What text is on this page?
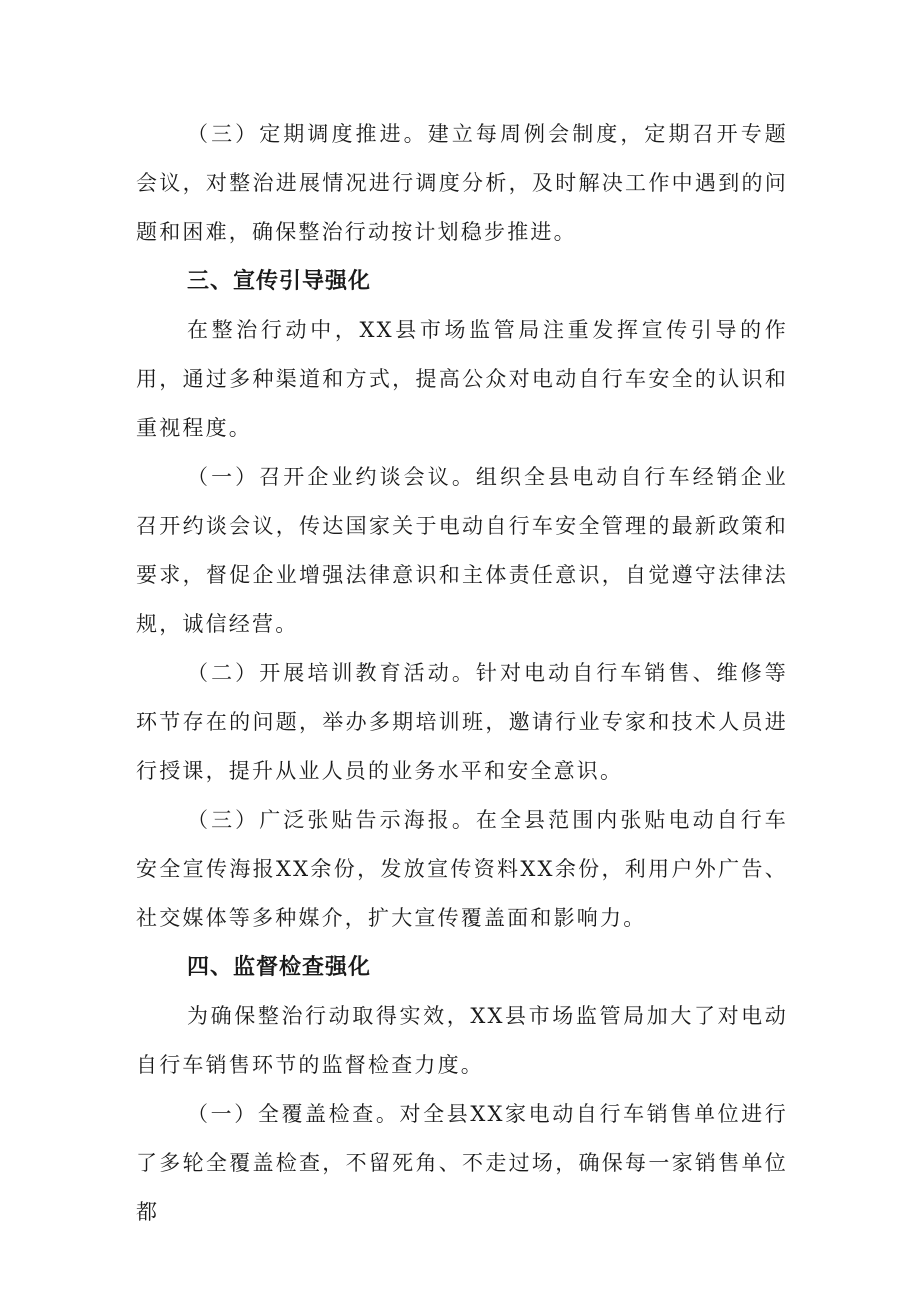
（三）定期调度推进。建立每周例会制度，定期召开专题会议，对整治进展情况进行调度分析，及时解决工作中遇到的问题和困难，确保整治行动按计划稳步推进。

三、宣传引导强化

在整治行动中，XX县市场监管局注重发挥宣传引导的作用，通过多种渠道和方式，提高公众对电动自行车安全的认识和重视程度。

（一）召开企业约谈会议。组织全县电动自行车经销企业召开约谈会议，传达国家关于电动自行车安全管理的最新政策和要求，督促企业增强法律意识和主体责任意识，自觉遵守法律法规，诚信经营。

（二）开展培训教育活动。针对电动自行车销售、维修等环节存在的问题，举办多期培训班，邀请行业专家和技术人员进行授课，提升从业人员的业务水平和安全意识。

（三）广泛张贴告示海报。在全县范围内张贴电动自行车安全宣传海报XX余份，发放宣传资料XX余份，利用户外广告、社交媒体等多种媒介，扩大宣传覆盖面和影响力。

四、监督检查强化

为确保整治行动取得实效，XX县市场监管局加大了对电动自行车销售环节的监督检查力度。

（一）全覆盖检查。对全县XX家电动自行车销售单位进行了多轮全覆盖检查，不留死角、不走过场，确保每一家销售单位都
